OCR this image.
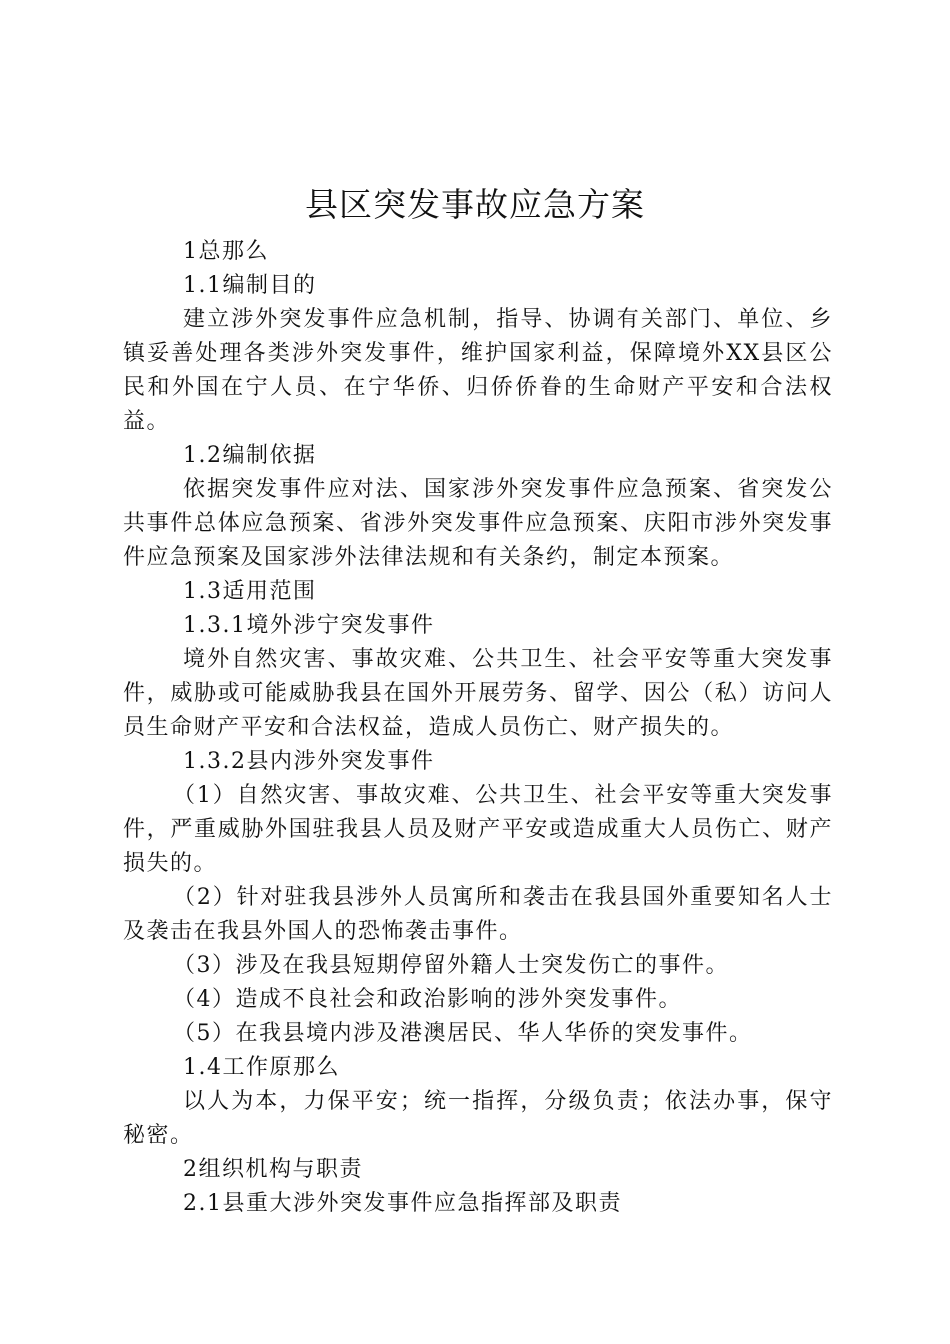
县区突发事故应急方案

1总那么

1.1编制目的

建立涉外突发事件应急机制，指导、协调有关部门、单位、乡镇妥善处理各类涉外突发事件，维护国家利益，保障境外XX县区公民和外国在宁人员、在宁华侨、归侨侨眷的生命财产平安和合法权益。

1.2编制依据

依据突发事件应对法、国家涉外突发事件应急预案、省突发公共事件总体应急预案、省涉外突发事件应急预案、庆阳市涉外突发事件应急预案及国家涉外法律法规和有关条约，制定本预案。

1.3适用范围

1.3.1境外涉宁突发事件

境外自然灾害、事故灾难、公共卫生、社会平安等重大突发事件，威胁或可能威胁我县在国外开展劳务、留学、因公（私）访问人员生命财产平安和合法权益，造成人员伤亡、财产损失的。

1.3.2县内涉外突发事件

（1）自然灾害、事故灾难、公共卫生、社会平安等重大突发事件，严重威胁外国驻我县人员及财产平安或造成重大人员伤亡、财产损失的。

（2）针对驻我县涉外人员寓所和袭击在我县国外重要知名人士及袭击在我县外国人的恐怖袭击事件。

（3）涉及在我县短期停留外籍人士突发伤亡的事件。

（4）造成不良社会和政治影响的涉外突发事件。

（5）在我县境内涉及港澳居民、华人华侨的突发事件。

1.4工作原那么

以人为本，力保平安；统一指挥，分级负责；依法办事，保守秘密。

2组织机构与职责

2.1县重大涉外突发事件应急指挥部及职责
